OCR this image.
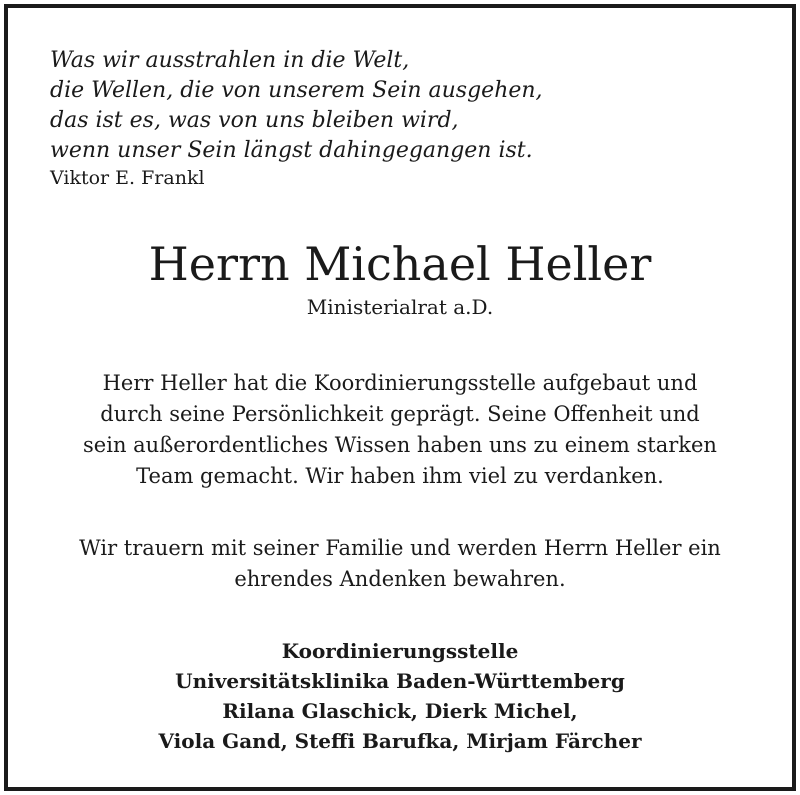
Was wir ausstrahlen in die Welt,
die Wellen, die von unserem Sein ausgehen,
das ist es, was von uns bleiben wird,
wenn unser Sein längst dahingegangen ist.
Viktor E. Frankl
Herrn Michael Heller
Ministerialrat a.D.
Herr Heller hat die Koordinierungsstelle aufgebaut und
durch seine Persönlichkeit geprägt. Seine Offenheit und
sein außerordentliches Wissen haben uns zu einem starken
Team gemacht. Wir haben ihm viel zu verdanken.
Wir trauern mit seiner Familie und werden Herrn Heller ein
ehrendes Andenken bewahren.
Koordinierungsstelle
Universitätsklinika Baden-Württemberg
Rilana Glaschick, Dierk Michel,
Viola Gand, Steffi Barufka, Mirjam Färcher
